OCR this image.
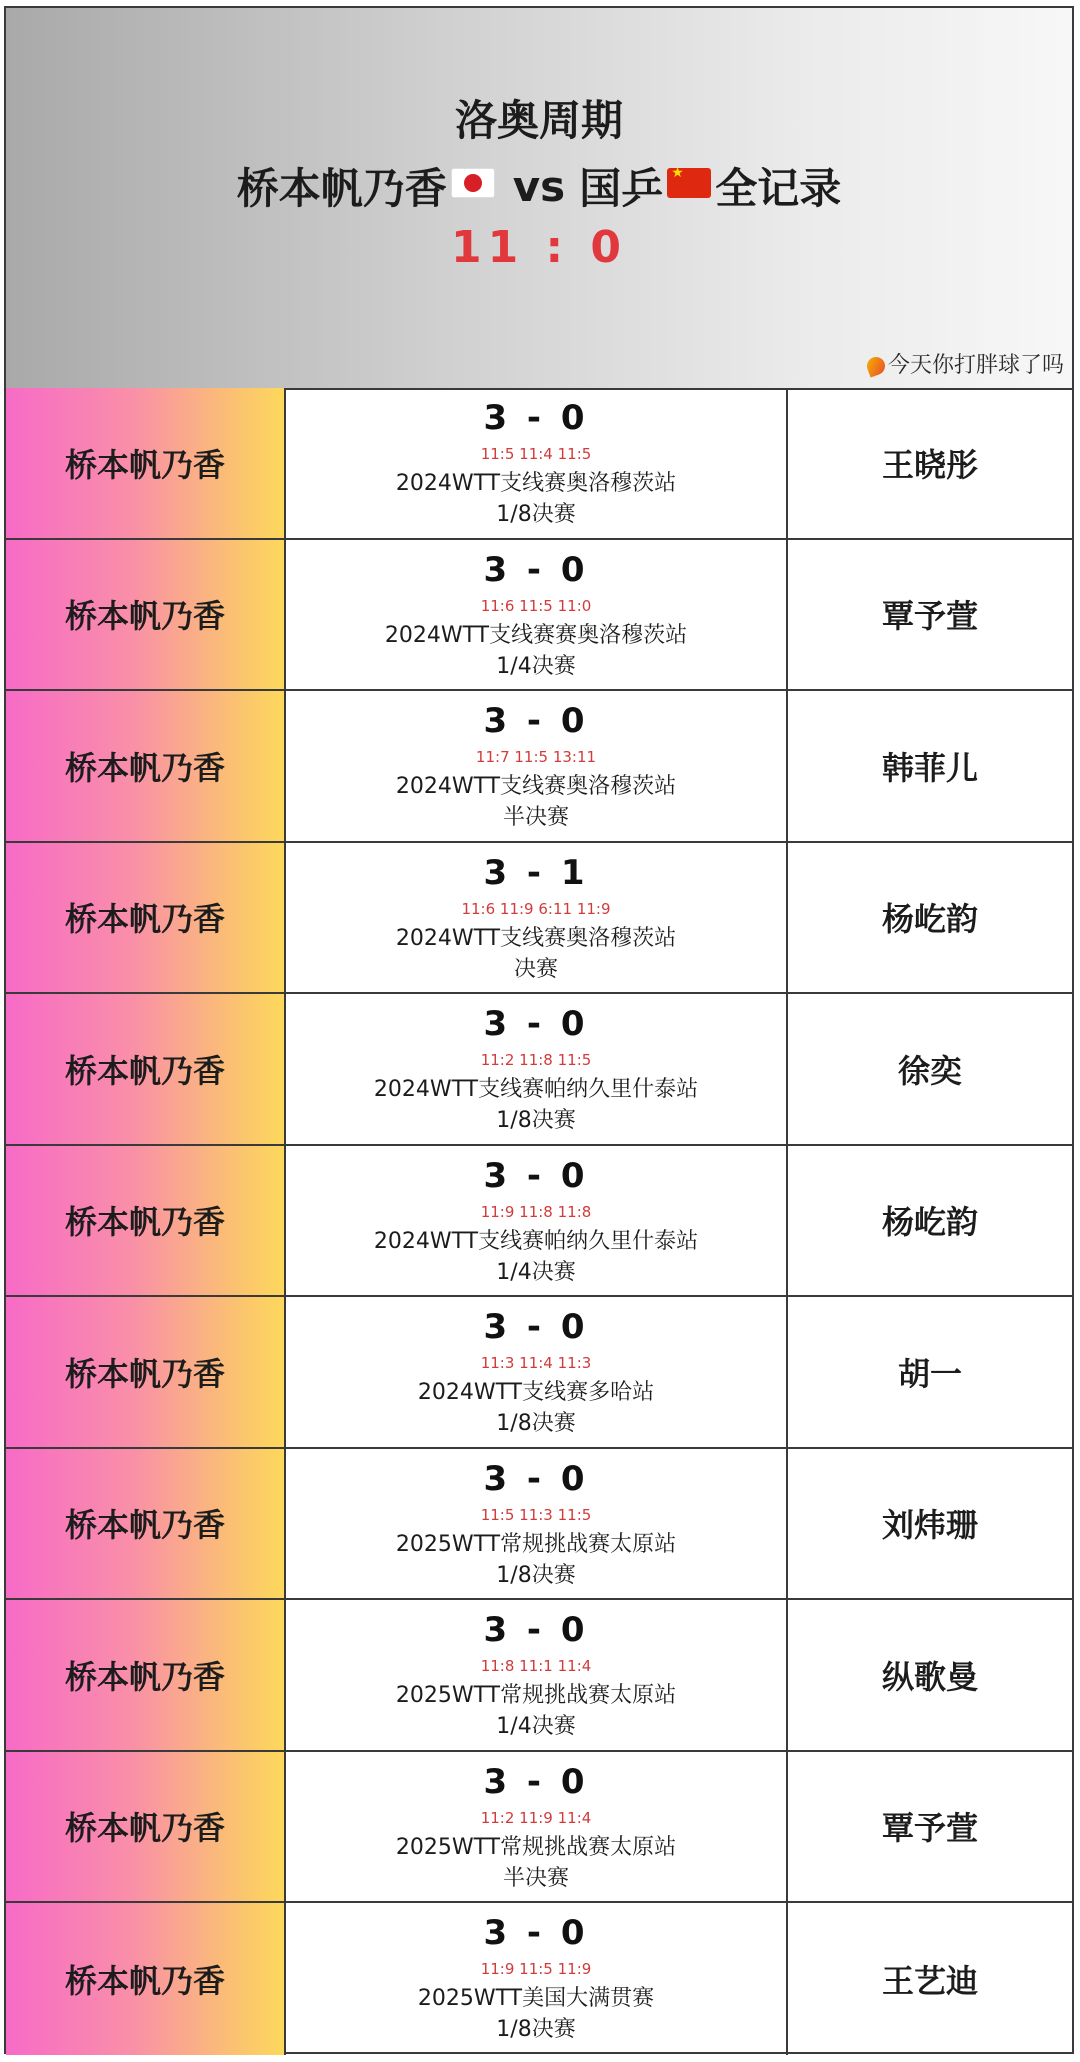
洛奥周期
桥本帆乃香 vs 国乒★ 全记录
11 : 0
今天你打胖球了吗
桥本帆乃香
3 - 0
11:5 11:4 11:5
2024WTT支线赛奥洛穆茨站
1/8决赛
王晓彤
桥本帆乃香
3 - 0
11:6 11:5 11:0
2024WTT支线赛赛奥洛穆茨站
1/4决赛
覃予萱
桥本帆乃香
3 - 0
11:7 11:5 13:11
2024WTT支线赛奥洛穆茨站
半决赛
韩菲儿
桥本帆乃香
3 - 1
11:6 11:9 6:11 11:9
2024WTT支线赛奥洛穆茨站
决赛
杨屹韵
桥本帆乃香
3 - 0
11:2 11:8 11:5
2024WTT支线赛帕纳久里什泰站
1/8决赛
徐奕
桥本帆乃香
3 - 0
11:9 11:8 11:8
2024WTT支线赛帕纳久里什泰站
1/4决赛
杨屹韵
桥本帆乃香
3 - 0
11:3 11:4 11:3
2024WTT支线赛多哈站
1/8决赛
胡一
桥本帆乃香
3 - 0
11:5 11:3 11:5
2025WTT常规挑战赛太原站
1/8决赛
刘炜珊
桥本帆乃香
3 - 0
11:8 11:1 11:4
2025WTT常规挑战赛太原站
1/4决赛
纵歌曼
桥本帆乃香
3 - 0
11:2 11:9 11:4
2025WTT常规挑战赛太原站
半决赛
覃予萱
桥本帆乃香
3 - 0
11:9 11:5 11:9
2025WTT美国大满贯赛
1/8决赛
王艺迪
